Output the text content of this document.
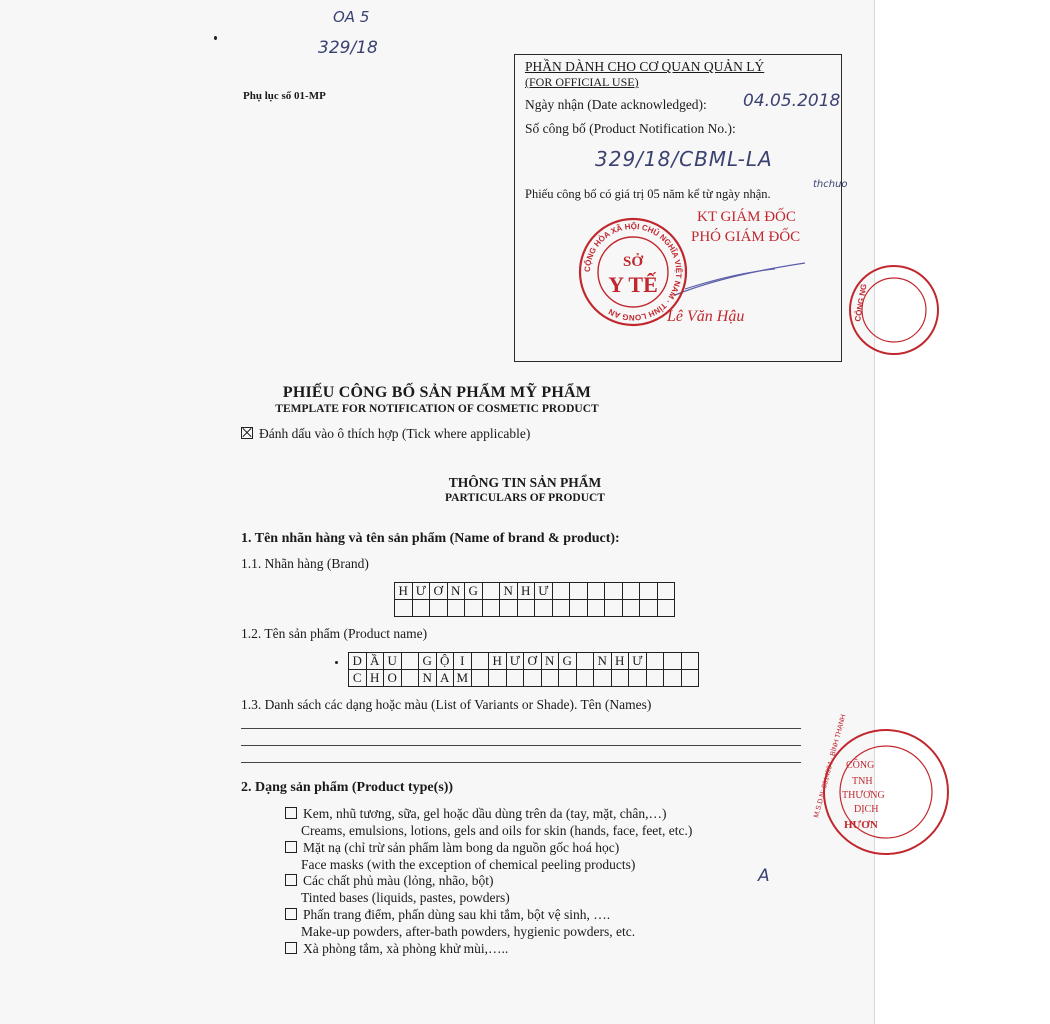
OA 5
329/18
Phụ lục số 01-MP
PHẦN DÀNH CHO CƠ QUAN QUẢN LÝ
(FOR OFFICIAL USE)
Ngày nhận (Date acknowledged): 04.05.2018
Số công bố (Product Notification No.):
329/18/CBML-LA
Phiếu công bố có giá trị 05 năm kể từ ngày nhận.
thchuo
KT GIÁM ĐỐC
PHÓ GIÁM ĐỐC
Lê Văn Hậu
CỘNG HÒA XÃ HỘI CHỦ NGHĨA VIỆT NAM · TỈNH LONG AN
SỞ
Y TẾ	CÔNG NG
M.S.D.N: 0314994 · BÌNH THẠNH
CÔNG
TNH
THƯƠNG
DỊCH
HƯƠN
PHIẾU CÔNG BỐ SẢN PHẨM MỸ PHẨM
TEMPLATE FOR NOTIFICATION OF COSMETIC PRODUCT
Đánh dấu vào ô thích hợp (Tick where applicable)
THÔNG TIN SẢN PHẨM
PARTICULARS OF PRODUCT
1. Tên nhãn hàng và tên sản phẩm (Name of brand & product):
1.1. Nhãn hàng (Brand)
H	Ư	Ơ	N	G		N	H	Ư							

1.2. Tên sản phẩm (Product name)
D	Ầ	U		G	Ộ	I		H	Ư	Ơ	N	G		N	H	Ư			
C	H	O		N	A	M													
1.3. Danh sách các dạng hoặc màu (List of Variants or Shade). Tên (Names)
2. Dạng sản phẩm (Product type(s))
Kem, nhũ tương, sữa, gel hoặc dầu dùng trên da (tay, mặt, chân,…)
Creams, emulsions, lotions, gels and oils for skin (hands, face, feet, etc.)
Mặt nạ (chỉ trừ sản phẩm làm bong da nguồn gốc hoá học)
Face masks (with the exception of chemical peeling products)
Các chất phủ màu (lỏng, nhão, bột)
Tinted bases (liquids, pastes, powders)
Phấn trang điểm, phấn dùng sau khi tắm, bột vệ sinh, ….
Make-up powders, after-bath powders, hygienic powders, etc.
Xà phòng tắm, xà phòng khử mùi,…..
A
